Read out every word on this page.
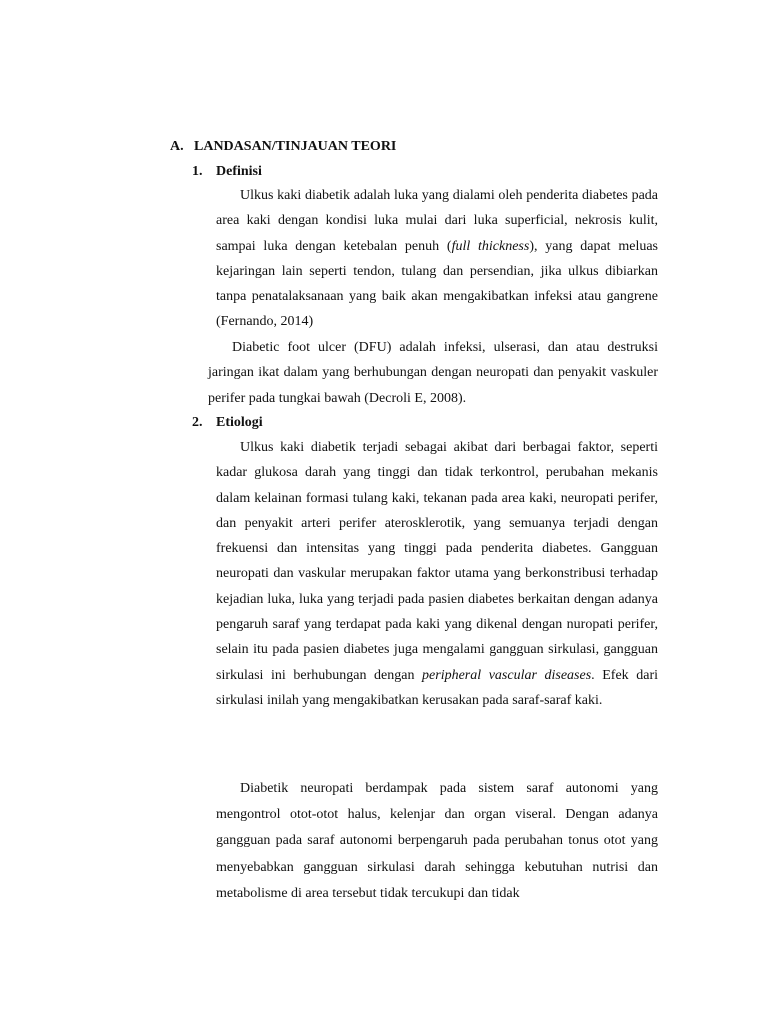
A. LANDASAN/TINJAUAN TEORI
1. Definisi

Ulkus kaki diabetik adalah luka yang dialami oleh penderita diabetes pada area kaki dengan kondisi luka mulai dari luka superficial, nekrosis kulit, sampai luka dengan ketebalan penuh (full thickness), yang dapat meluas kejaringan lain seperti tendon, tulang dan persendian, jika ulkus dibiarkan tanpa penatalaksanaan yang baik akan mengakibatkan infeksi atau gangrene (Fernando, 2014)

Diabetic foot ulcer (DFU) adalah infeksi, ulserasi, dan atau destruksi jaringan ikat dalam yang berhubungan dengan neuropati dan penyakit vaskuler perifer pada tungkai bawah (Decroli E, 2008).

2. Etiologi

Ulkus kaki diabetik terjadi sebagai akibat dari berbagai faktor, seperti kadar glukosa darah yang tinggi dan tidak terkontrol, perubahan mekanis dalam kelainan formasi tulang kaki, tekanan pada area kaki, neuropati perifer, dan penyakit arteri perifer aterosklerotik, yang semuanya terjadi dengan frekuensi dan intensitas yang tinggi pada penderita diabetes. Gangguan neuropati dan vaskular merupakan faktor utama yang berkonstribusi terhadap kejadian luka, luka yang terjadi pada pasien diabetes berkaitan dengan adanya pengaruh saraf yang terdapat pada kaki yang dikenal dengan nuropati perifer, selain itu pada pasien diabetes juga mengalami gangguan sirkulasi, gangguan sirkulasi ini berhubungan dengan peripheral vascular diseases. Efek dari sirkulasi inilah yang mengakibatkan kerusakan pada saraf-saraf kaki.

Diabetik neuropati berdampak pada sistem saraf autonomi yang mengontrol otot-otot halus, kelenjar dan organ viseral. Dengan adanya gangguan pada saraf autonomi berpengaruh pada perubahan tonus otot yang menyebabkan gangguan sirkulasi darah sehingga kebutuhan nutrisi dan metabolisme di area tersebut tidak tercukupi dan tidak
